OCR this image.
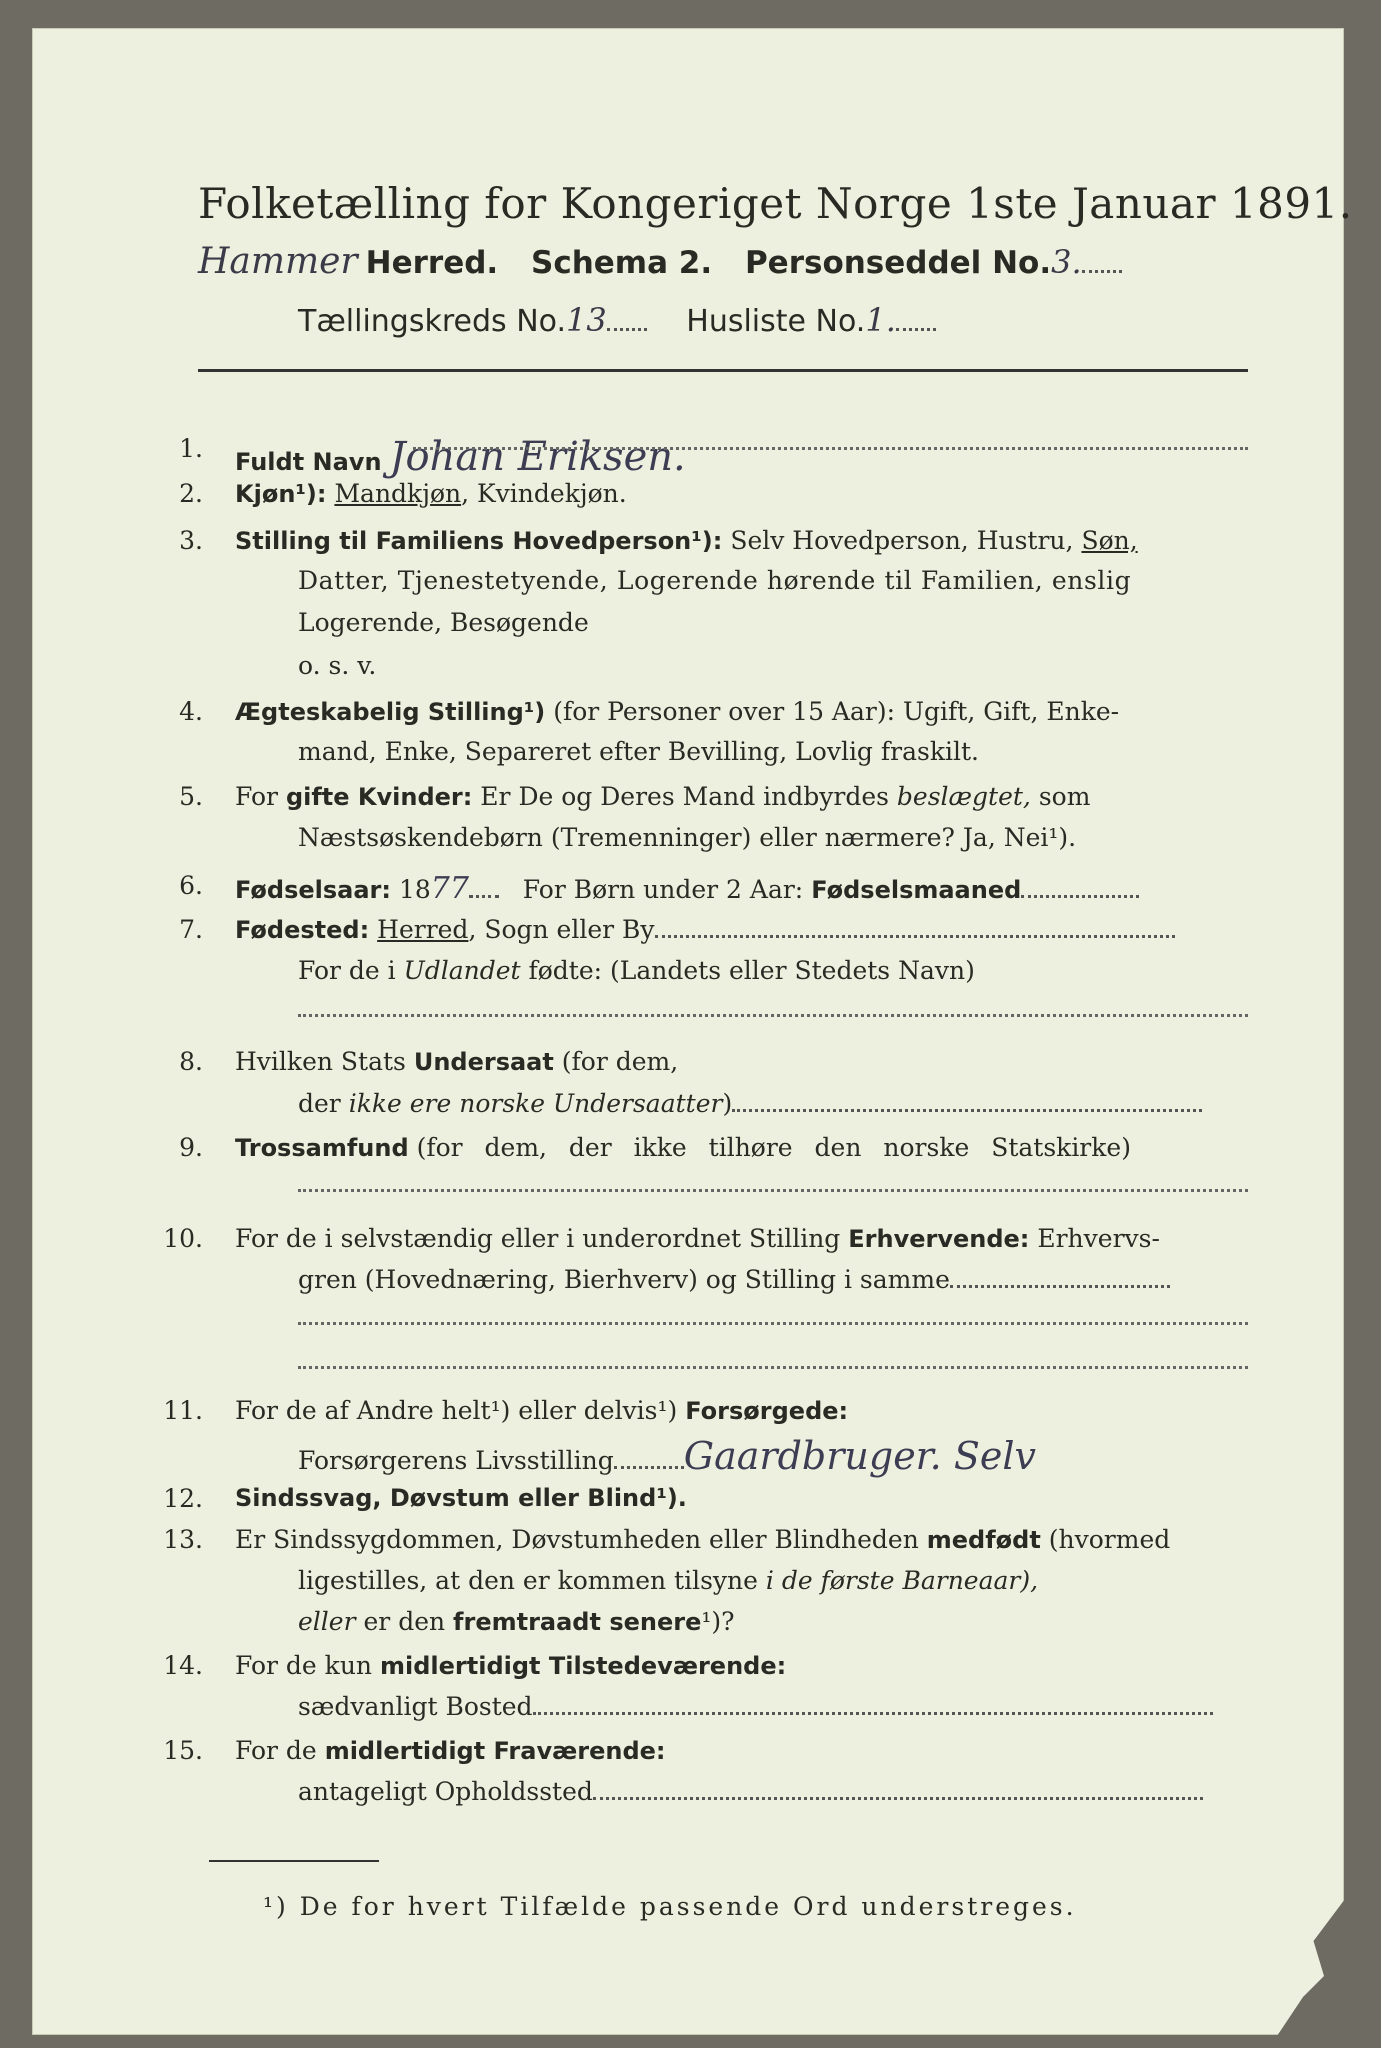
Folketælling for Kongeriget Norge 1ste Januar 1891.
Hammer Herred. Schema 2. Personseddel No.3.
Tællingskreds No.13	Husliste No.1.
1. Fuldt Navn Johan Eriksen.
2. Kjøn¹): Mandkjøn, Kvindekjøn.
3. Stilling til Familiens Hovedperson¹): Selv Hovedperson, Hustru, Søn,
Datter, Tjenestetyende, Logerende hørende til Familien, enslig
Logerende, Besøgende
o. s. v.
4. Ægteskabelig Stilling¹) (for Personer over 15 Aar): Ugift, Gift, Enke-
mand, Enke, Separeret efter Bevilling, Lovlig fraskilt.
5. For gifte Kvinder: Er De og Deres Mand indbyrdes beslægtet, som
Næstsøskendebørn (Tremenninger) eller nærmere? Ja, Nei¹).
6. Fødselsaar: 1877 For Børn under 2 Aar: Fødselsmaaned
7. Fødested: Herred, Sogn eller By
For de i Udlandet fødte: (Landets eller Stedets Navn)
8. Hvilken Stats Undersaat (for dem,
der ikke ere norske Undersaatter)
9. Trossamfund (for dem, der ikke tilhøre den norske Statskirke)
10. For de i selvstændig eller i underordnet Stilling Erhvervende: Erhvervs-
gren (Hovednæring, Bierhverv) og Stilling i samme
11. For de af Andre helt¹) eller delvis¹) Forsørgede:
Forsørgerens Livsstilling Gaardbruger. Selv
12. Sindssvag, Døvstum eller Blind¹).
13. Er Sindssygdommen, Døvstumheden eller Blindheden medfødt (hvormed
ligestilles, at den er kommen tilsyne i de første Barneaar),
eller er den fremtraadt senere¹)?
14. For de kun midlertidigt Tilstedeværende:
sædvanligt Bosted
15. For de midlertidigt Fraværende:
antageligt Opholdssted
¹) De for hvert Tilfælde passende Ord understreges.
